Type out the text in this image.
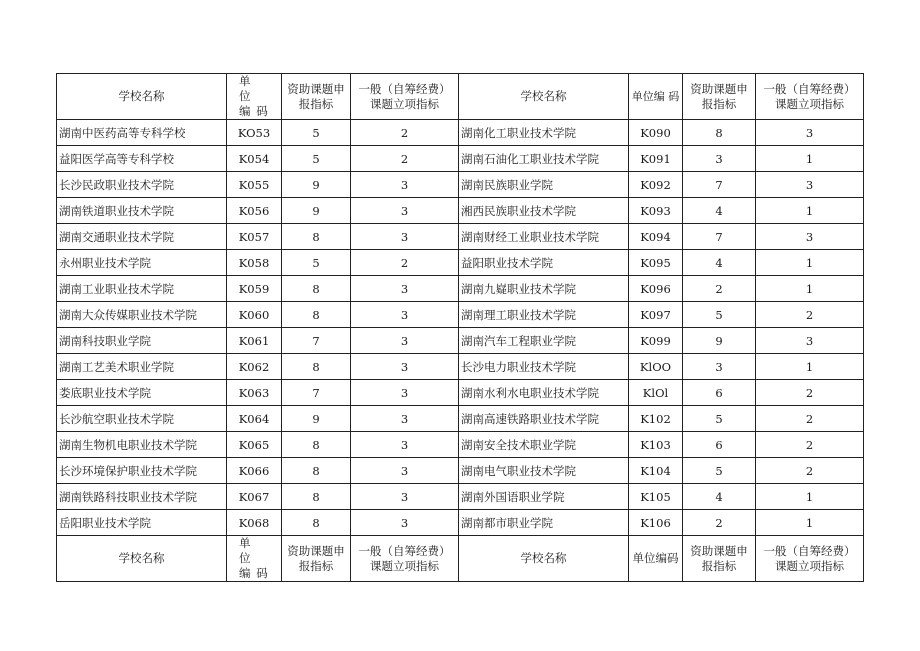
学校名称	单 位 编码	资助课题申报指标	一般（自筹经费）课题立项指标	学校名称	单位编 码	资助课题申报指标	一般（自筹经费）课题立项指标
湖南中医药高等专科学校	KO53	5	2	湖南化工职业技术学院	K090	8	3
益阳医学高等专科学校	K054	5	2	湖南石油化工职业技术学院	K091	3	1
长沙民政职业技术学院	K055	9	3	湖南民族职业学院	K092	7	3
湖南铁道职业技术学院	K056	9	3	湘西民族职业技术学院	K093	4	1
湖南交通职业技术学院	K057	8	3	湖南财经工业职业技术学院	K094	7	3
永州职业技术学院	K058	5	2	益阳职业技术学院	K095	4	1
湖南工业职业技术学院	K059	8	3	湖南九嶷职业技术学院	K096	2	1
湖南大众传媒职业技术学院	K060	8	3	湖南理工职业技术学院	K097	5	2
湖南科技职业学院	K061	7	3	湖南汽车工程职业学院	K099	9	3
湖南工艺美术职业学院	K062	8	3	长沙电力职业技术学院	KlOO	3	1
娄底职业技术学院	K063	7	3	湖南水利水电职业技术学院	KlOl	6	2
长沙航空职业技术学院	K064	9	3	湖南高速铁路职业技术学院	K102	5	2
湖南生物机电职业技术学院	K065	8	3	湖南安全技术职业学院	K103	6	2
长沙环境保护职业技术学院	K066	8	3	湖南电气职业技术学院	K104	5	2
湖南铁路科技职业技术学院	K067	8	3	湖南外国语职业学院	K105	4	1
岳阳职业技术学院	K068	8	3	湖南都市职业学院	K106	2	1
学校名称	单 位 编码	资助课题申报指标	一般（自筹经费）课题立项指标	学校名称	单位编码	资助课题申报指标	一般（自筹经费）课题立项指标
